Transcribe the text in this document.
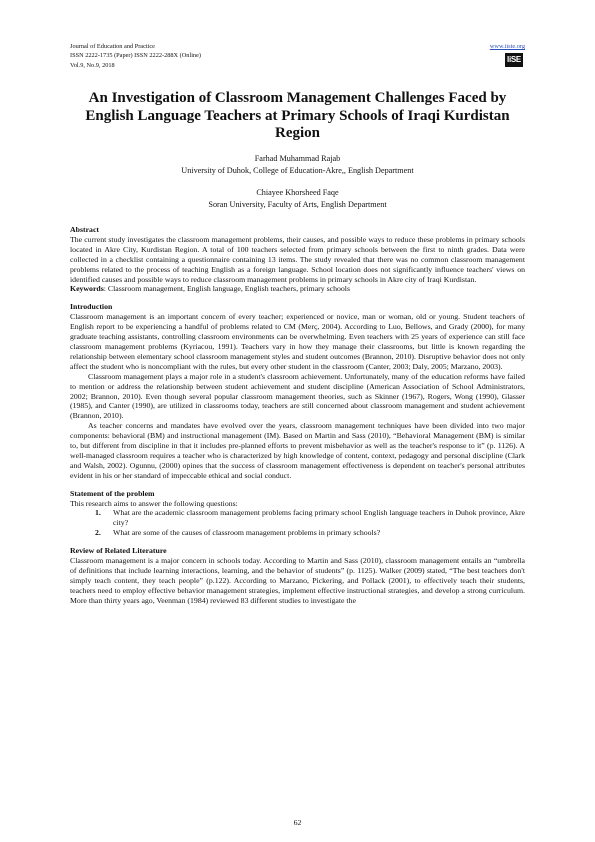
Journal of Education and Practice
ISSN 2222-1735 (Paper) ISSN 2222-288X (Online)
Vol.9, No.9, 2018
www.iiste.org
IiSE
An Investigation of Classroom Management Challenges Faced by English Language Teachers at Primary Schools of Iraqi Kurdistan Region
Farhad Muhammad Rajab
University of Duhok, College of Education-Akre,, English Department
Chiayee Khorsheed Faqe
Soran University, Faculty of Arts, English Department
Abstract

The current study investigates the classroom management problems, their causes, and possible ways to reduce these problems in primary schools located in Akre City, Kurdistan Region. A total of 100 teachers selected from primary schools between the first to ninth grades. Data were collected in a checklist containing a questionnaire containing 13 items. The study revealed that there was no common classroom management problems related to the process of teaching English as a foreign language. School location does not significantly influence teachers' views on identified causes and possible ways to reduce classroom management problems in primary schools in Akre city of Iraqi Kurdistan.

Keywords: Classroom management, English language, English teachers, primary schools

Introduction

Classroom management is an important concern of every teacher; experienced or novice, man or woman, old or young. Student teachers of English report to be experiencing a handful of problems related to CM (Merç, 2004). According to Luo, Bellows, and Grady (2000), for many graduate teaching assistants, controlling classroom environments can be overwhelming. Even teachers with 25 years of experience can still face classroom management problems (Kyriacou, 1991). Teachers vary in how they manage their classrooms, but little is known regarding the relationship between elementary school classroom management styles and student outcomes (Brannon, 2010). Disruptive behavior does not only affect the student who is noncompliant with the rules, but every other student in the classroom (Canter, 2003; Daly, 2005; Marzano, 2003).

Classroom management plays a major role in a student's classroom achievement. Unfortunately, many of the education reforms have failed to mention or address the relationship between student achievement and student discipline (American Association of School Administrators, 2002; Brannon, 2010). Even though several popular classroom management theories, such as Skinner (1967), Rogers, Wong (1990), Glasser (1985), and Canter (1990), are utilized in classrooms today, teachers are still concerned about classroom management and student achievement (Brannon, 2010).

As teacher concerns and mandates have evolved over the years, classroom management techniques have been divided into two major components: behavioral (BM) and instructional management (IM). Based on Martin and Sass (2010), “Behavioral Management (BM) is similar to, but different from discipline in that it includes pre-planned efforts to prevent misbehavior as well as the teacher's response to it” (p. 1126). A well-managed classroom requires a teacher who is characterized by high knowledge of content, context, pedagogy and personal discipline (Clark and Walsh, 2002). Ogunnu, (2000) opines that the success of classroom management effectiveness is dependent on teacher's personal attributes evident in his or her standard of impeccable ethical and social conduct.

Statement of the problem

This research aims to answer the following questions:

1. What are the academic classroom management problems facing primary school English language teachers in Duhok province, Akre city?
2. What are some of the causes of classroom management problems in primary schools?
Review of Related Literature

Classroom management is a major concern in schools today. According to Martin and Sass (2010), classroom management entails an “umbrella of definitions that include learning interactions, learning, and the behavior of students” (p. 1125). Walker (2009) stated, “The best teachers don't simply teach content, they teach people” (p.122). According to Marzano, Pickering, and Pollack (2001), to effectively teach their students, teachers need to employ effective behavior management strategies, implement effective instructional strategies, and develop a strong curriculum. More than thirty years ago, Veenman (1984) reviewed 83 different studies to investigate the

62
